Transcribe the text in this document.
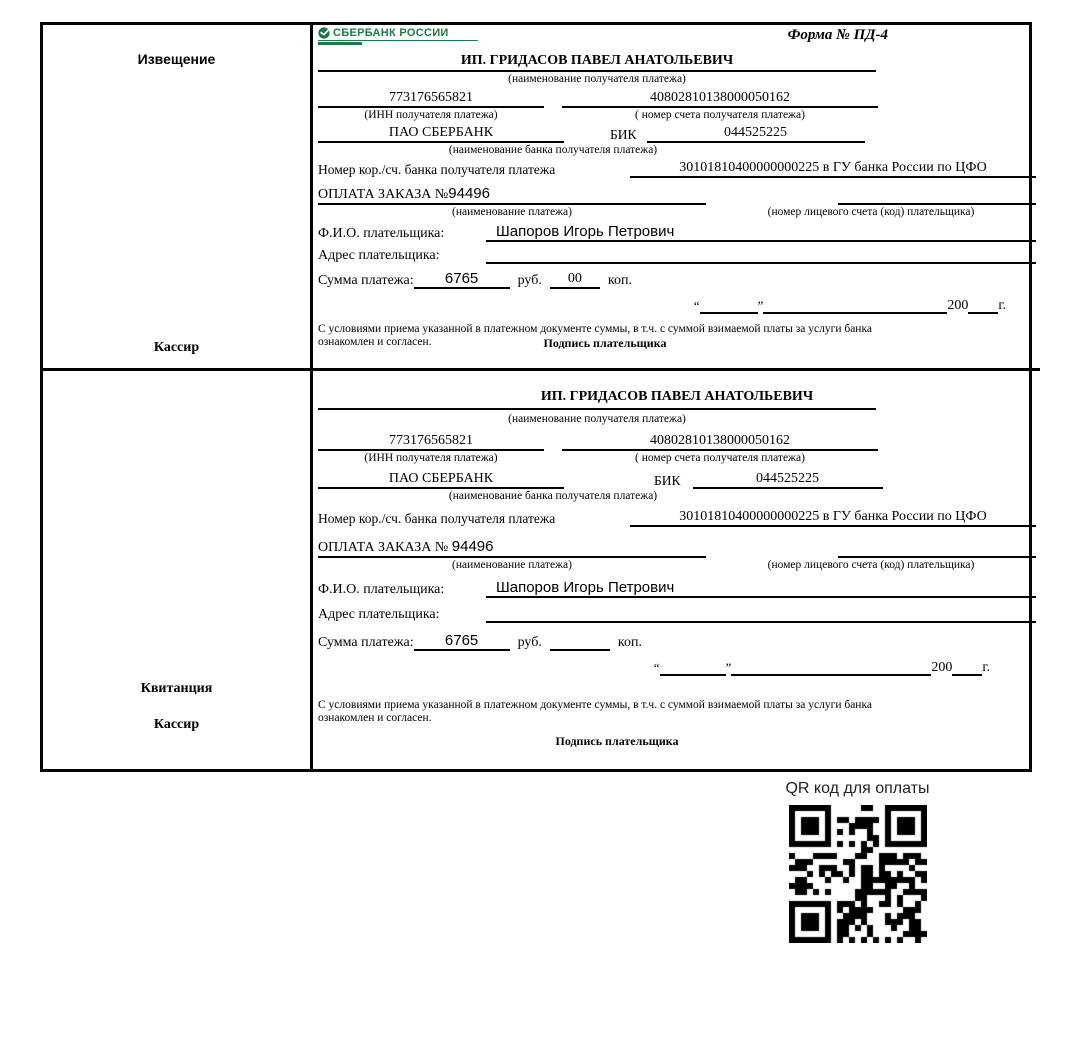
Извещение
Кассир
СБЕРБАНК РОССИИ	Форма № ПД-4
ИП. ГРИДАСОВ ПАВЕЛ АНАТОЛЬЕВИЧ
(наименование получателя платежа)
773176565821	40802810138000050162
(ИНН получателя платежа)	( номер счета получателя платежа)
ПАО СБЕРБАНК	БИК	044525225
(наименование банка получателя платежа)
Номер кор./сч. банка получателя платежа	30101810400000000225 в ГУ банка России по ЦФО
ОПЛАТА ЗАКАЗА №94496
(наименование платежа)	(номер лицевого счета (код) плательщика)
Ф.И.О. плательщика:	Шапоров Игорь Петрович
Адрес плательщика:
Сумма платежа:	6765	руб.	00	коп.
“	”	200 г.
С условиями приема указанной в платежном документе суммы, в т.ч. с суммой взимаемой платы за услуги банка
ознакомлен и согласен.	Подпись плательщика
Квитанция
Кассир
ИП. ГРИДАСОВ ПАВЕЛ АНАТОЛЬЕВИЧ
(наименование получателя платежа)
773176565821	40802810138000050162
(ИНН получателя платежа)	( номер счета получателя платежа)
ПАО СБЕРБАНК	БИК	044525225
(наименование банка получателя платежа)
Номер кор./сч. банка получателя платежа	30101810400000000225 в ГУ банка России по ЦФО
ОПЛАТА ЗАКАЗА № 94496
(наименование платежа)	(номер лицевого счета (код) плательщика)
Ф.И.О. плательщика:	Шапоров Игорь Петрович
Адрес плательщика:
Сумма платежа:	6765	руб.	коп.
“	”	200 г.
С условиями приема указанной в платежном документе суммы, в т.ч. с суммой взимаемой платы за услуги банка
ознакомлен и согласен.
Подпись плательщика
QR код для оплаты
